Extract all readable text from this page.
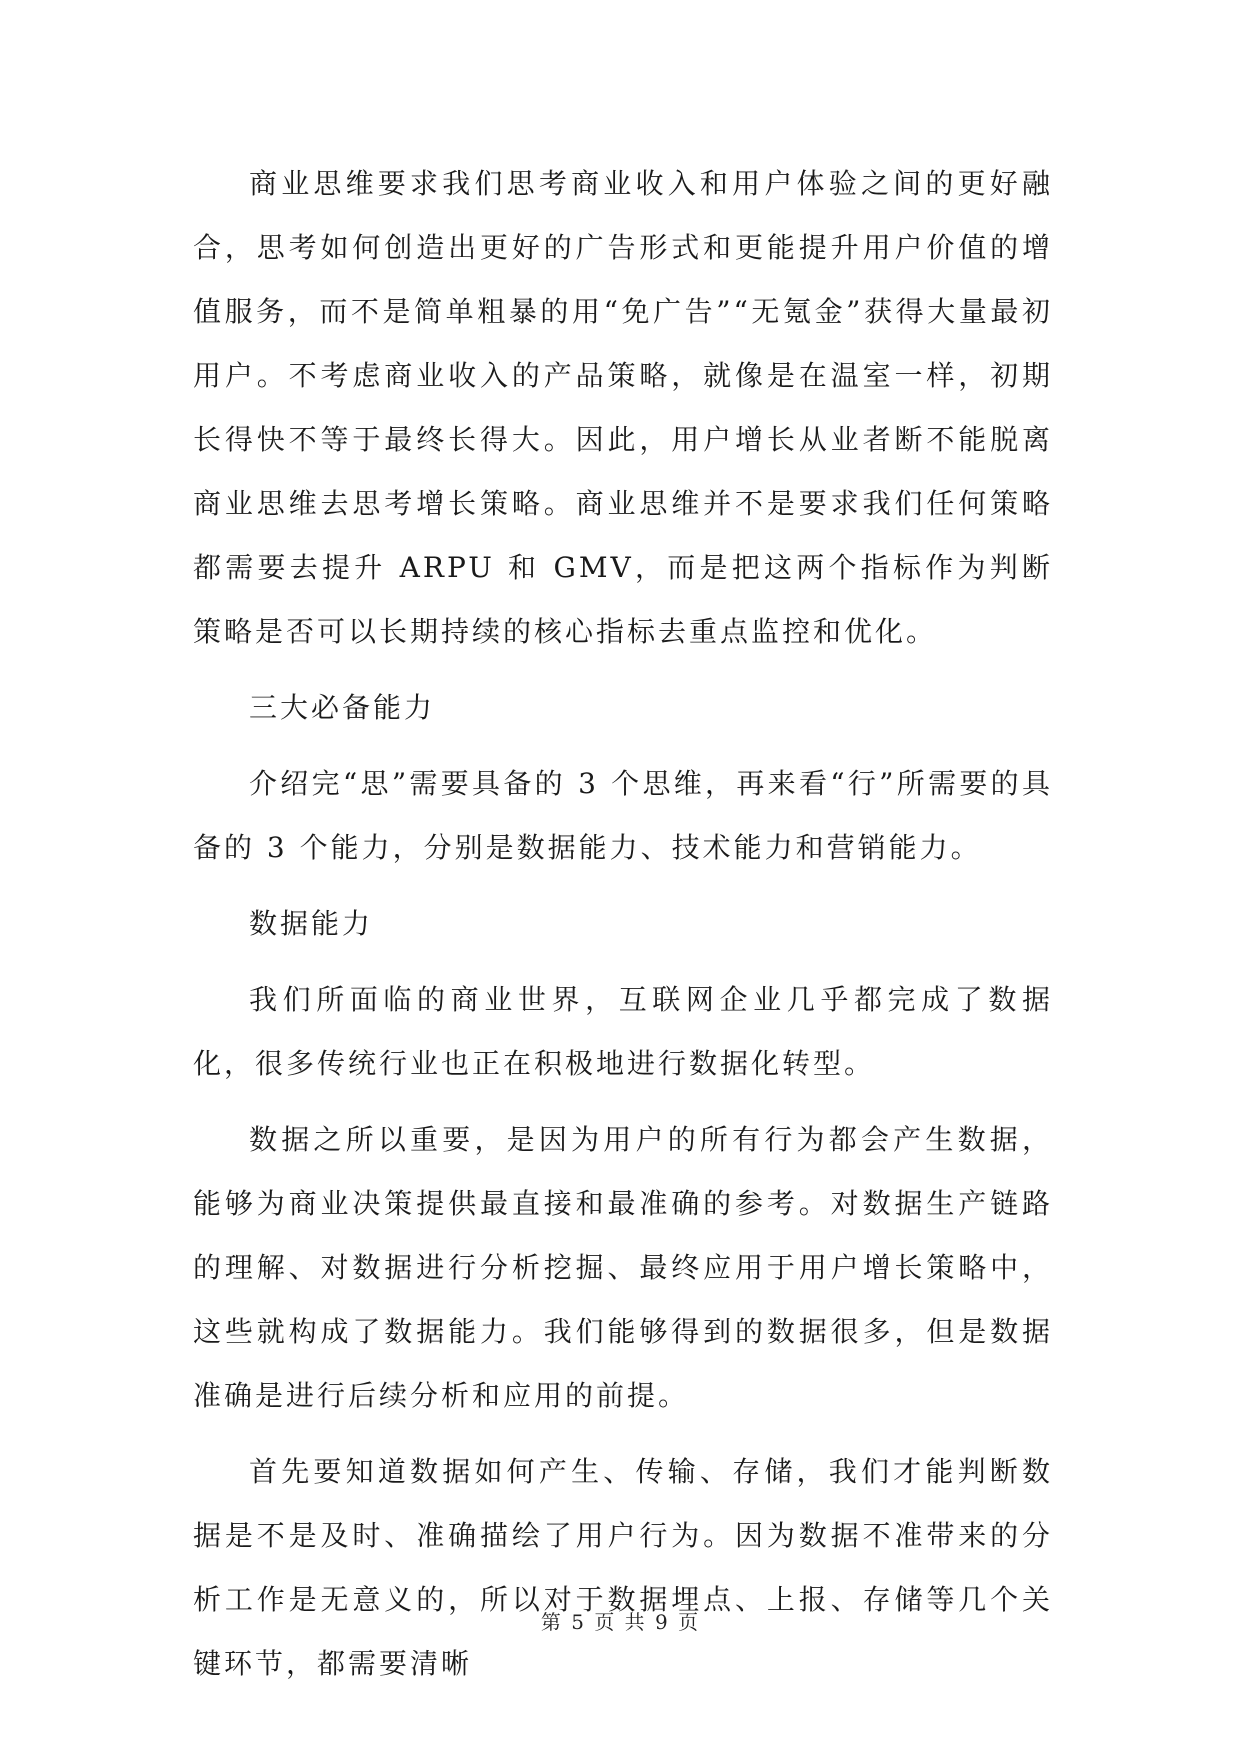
商业思维要求我们思考商业收入和用户体验之间的更好融合，思考如何创造出更好的广告形式和更能提升用户价值的增值服务，而不是简单粗暴的用“免广告”“无氪金”获得大量最初用户。不考虑商业收入的产品策略，就像是在温室一样，初期长得快不等于最终长得大。因此，用户增长从业者断不能脱离商业思维去思考增长策略。商业思维并不是要求我们任何策略都需要去提升 ARPU 和 GMV，而是把这两个指标作为判断策略是否可以长期持续的核心指标去重点监控和优化。

三大必备能力

介绍完“思”需要具备的 3 个思维，再来看“行”所需要的具备的 3 个能力，分别是数据能力、技术能力和营销能力。

数据能力

我们所面临的商业世界，互联网企业几乎都完成了数据化，很多传统行业也正在积极地进行数据化转型。

数据之所以重要，是因为用户的所有行为都会产生数据，能够为商业决策提供最直接和最准确的参考。对数据生产链路的理解、对数据进行分析挖掘、最终应用于用户增长策略中，这些就构成了数据能力。我们能够得到的数据很多，但是数据准确是进行后续分析和应用的前提。

首先要知道数据如何产生、传输、存储，我们才能判断数据是不是及时、准确描绘了用户行为。因为数据不准带来的分析工作是无意义的，所以对于数据埋点、上报、存储等几个关键环节，都需要清晰

第 5 页 共 9 页
